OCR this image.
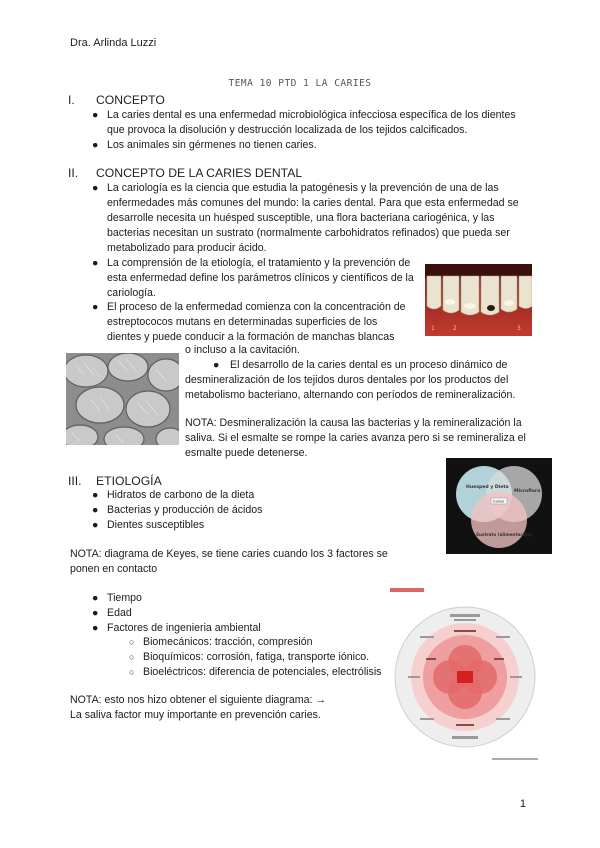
Dra. Arlinda Luzzi
TEMA 10 PTD 1 LA CARIES
I. CONCEPTO
● La caries dental es una enfermedad microbiológica infecciosa específica de los dientes que provoca la disolución y destrucción localizada de los tejidos calcificados.
● Los animales sin gérmenes no tienen caries.
II. CONCEPTO DE LA CARIES DENTAL
● La cariología es la ciencia que estudia la patogénesis y la prevención de una de las enfermedades más comunes del mundo: la caries dental. Para que esta enfermedad se desarrolle necesita un huésped susceptible, una flora bacteriana cariogénica, y las bacterias necesitan un sustrato (normalmente carbohidratos refinados) que pueda ser metabolizado para producir ácido.
● La comprensión de la etiología, el tratamiento y la prevención de esta enfermedad define los parámetros clínicos y científicos de la cariología.
● El proceso de la enfermedad comienza con la concentración de estreptococos mutans en determinadas superficies de los dientes y puede conducir a la formación de manchas blancas
o incluso a la cavitación.
● El desarrollo de la caries dental es un proceso dinámico de desmineralización de los tejidos duros dentales por los productos del metabolismo bacteriano, alternando con períodos de remineralización.
NOTA: Desmineralización la causa las bacterias y la remineralización la saliva. Si el esmalte se rompe la caries avanza pero si se remineraliza el esmalte puede detenerse.
1	2	3
III. ETIOLOGÍA
● Hidratos de carbono de la dieta
● Bacterias y producción de ácidos
● Dientes susceptibles
NOTA: diagrama de Keyes, se tiene caries cuando los 3 factores se ponen en contacto
● Tiempo
● Edad
● Factores de ingenieria ambiental
○ Biomecánicos: tracción, compresión
○ Bioquímicos: corrosión, fatiga, transporte iónico.
○ Bioeléctricos: diferencia de potenciales, electrólisis
NOTA: esto nos hizo obtener el siguiente diagrama: →
La saliva factor muy importante en prevención caries.
Huesped y Dieta
Microflora
Sustrato (alimentación)
Caries
1
